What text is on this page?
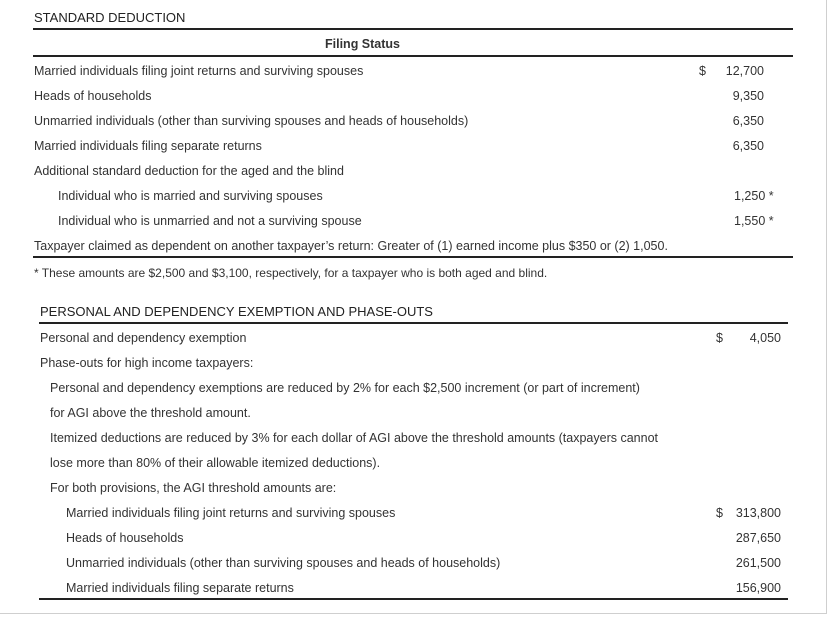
STANDARD DEDUCTION
Filing Status
Married individuals filing joint returns and surviving spouses	$ 12,700
Heads of households	9,350
Unmarried individuals (other than surviving spouses and heads of households)	6,350
Married individuals filing separate returns	6,350
Additional standard deduction for the aged and the blind
Individual who is married and surviving spouses	1,250 *
Individual who is unmarried and not a surviving spouse	1,550 *
Taxpayer claimed as dependent on another taxpayer’s return: Greater of (1) earned income plus $350 or (2) 1,050.
* These amounts are $2,500 and $3,100, respectively, for a taxpayer who is both aged and blind.
PERSONAL AND DEPENDENCY EXEMPTION AND PHASE-OUTS
Personal and dependency exemption	$ 4,050
Phase-outs for high income taxpayers:
Personal and dependency exemptions are reduced by 2% for each $2,500 increment (or part of increment)
for AGI above the threshold amount.
Itemized deductions are reduced by 3% for each dollar of AGI above the threshold amounts (taxpayers cannot
lose more than 80% of their allowable itemized deductions).
For both provisions, the AGI threshold amounts are:
Married individuals filing joint returns and surviving spouses	$ 313,800
Heads of households	287,650
Unmarried individuals (other than surviving spouses and heads of households)	261,500
Married individuals filing separate returns	156,900
